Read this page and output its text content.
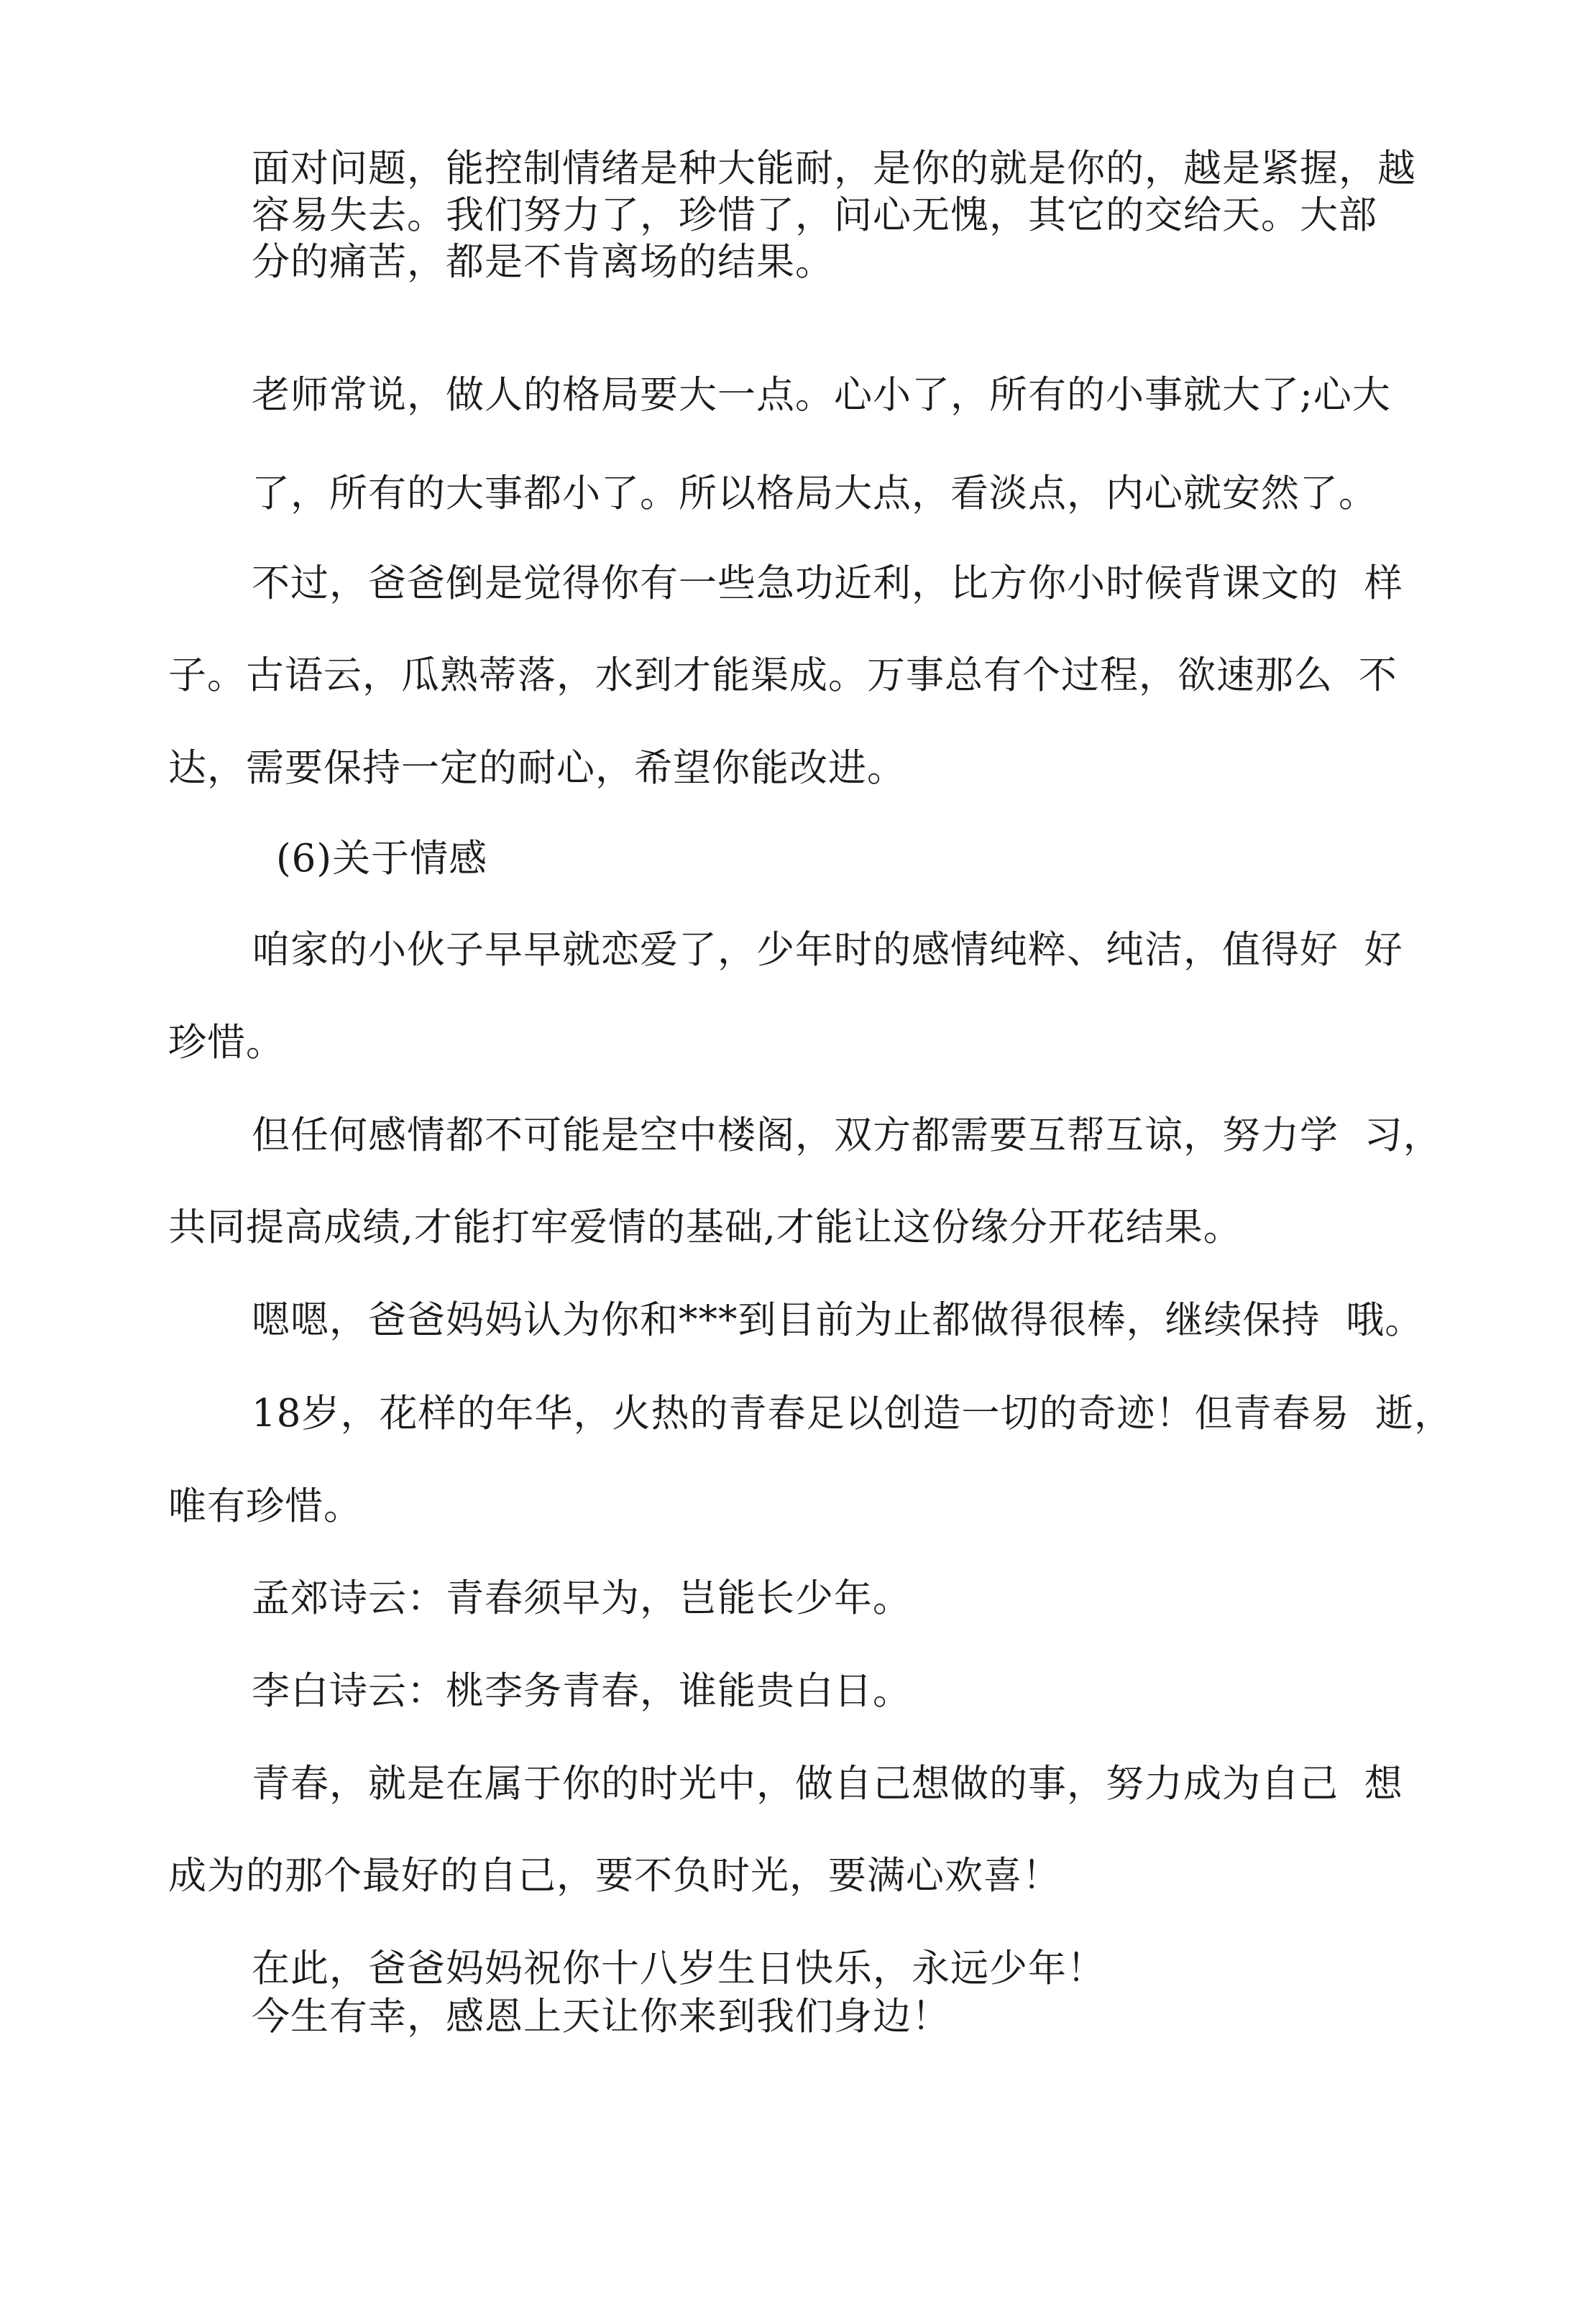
面对问题，能控制情绪是种大能耐，是你的就是你的，越是紧握，越
容易失去。我们努力了，珍惜了，问心无愧，其它的交给天。大部
分的痛苦，都是不肯离场的结果。
老师常说，做人的格局要大一点。心小了，所有的小事就大了;心大
了，所有的大事都小了。所以格局大点，看淡点，内心就安然了。
不过，爸爸倒是觉得你有一些急功近利，比方你小时候背课文的  样
子。古语云，瓜熟蒂落，水到才能渠成。万事总有个过程，欲速那么  不
达，需要保持一定的耐心，希望你能改进。
(6)关于情感
咱家的小伙子早早就恋爱了，少年时的感情纯粹、纯洁，值得好  好
珍惜。
但任何感情都不可能是空中楼阁，双方都需要互帮互谅，努力学  习，
共同提高成绩,才能打牢爱情的基础,才能让这份缘分开花结果。
嗯嗯，爸爸妈妈认为你和***到目前为止都做得很棒，继续保持  哦。
18岁，花样的年华，火热的青春足以创造一切的奇迹！但青春易  逝，
唯有珍惜。
孟郊诗云：青春须早为，岂能长少年。
李白诗云：桃李务青春，谁能贵白日。
青春，就是在属于你的时光中，做自己想做的事，努力成为自己  想
成为的那个最好的自己，要不负时光，要满心欢喜！
在此，爸爸妈妈祝你十八岁生日快乐，永远少年！
今生有幸，感恩上天让你来到我们身边！
